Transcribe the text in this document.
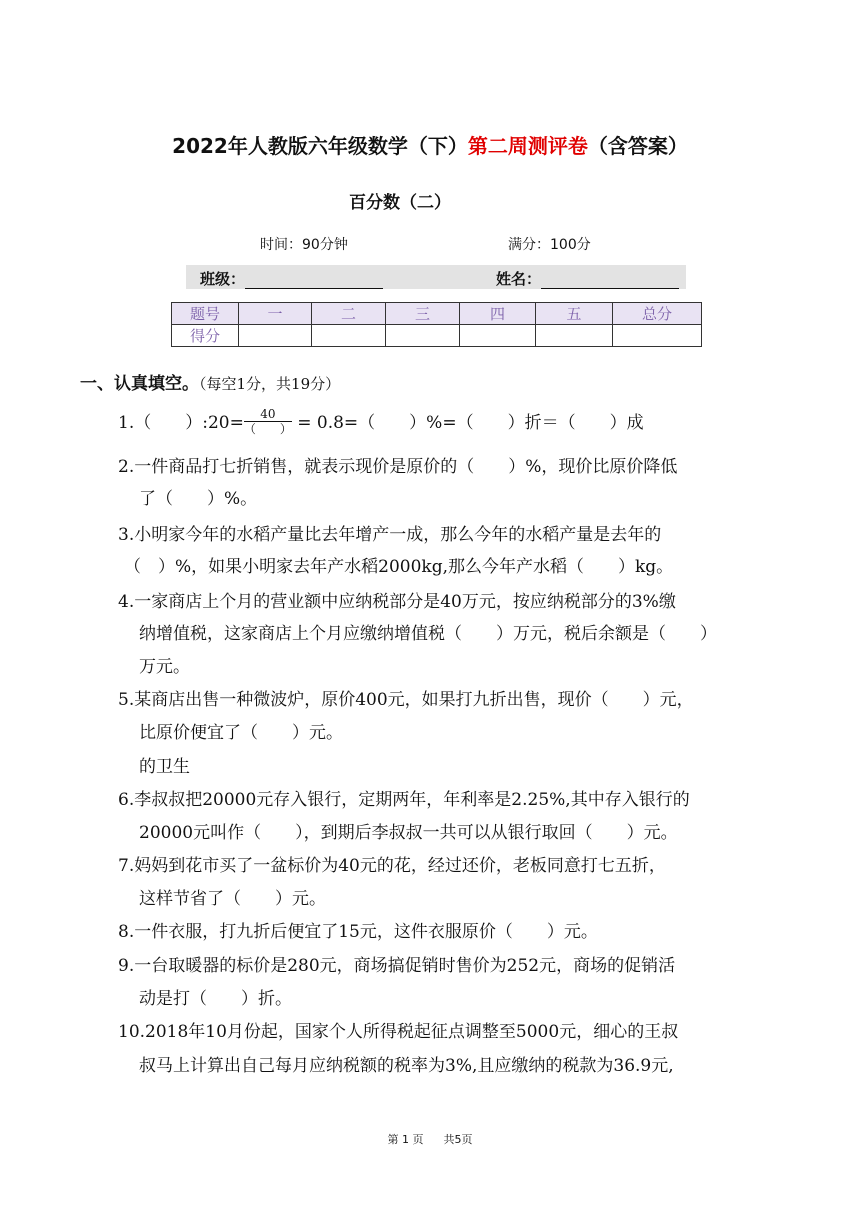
2022年人教版六年级数学（下）第二周测评卷（含答案）
百分数（二）
时间：90分钟	满分：100分
班级：	姓名：
题号	一	二	三	四	五	总分
得分						
一、认真填空。（每空1分，共19分）
1.（　　）:20= $\frac{40}{( )} = 0.8=$（　　）%=（　　）折＝（　　）成
2.一件商品打七折销售，就表示现价是原价的（　　）%，现价比原价降低
了（　　）%。
3.小明家今年的水稻产量比去年增产一成，那么今年的水稻产量是去年的
（　）%，如果小明家去年产水稻2000kg,那么今年产水稻（　　）kg。
4.一家商店上个月的营业额中应纳税部分是40万元，按应纳税部分的3%缴
纳增值税，这家商店上个月应缴纳增值税（　　）万元，税后余额是（　　）
万元。
5.某商店出售一种微波炉，原价400元，如果打九折出售，现价（　　）元，
比原价便宜了（　　）元。
的卫生
6.李叔叔把20000元存入银行，定期两年，年利率是2.25%,其中存入银行的
20000元叫作（　　），到期后李叔叔一共可以从银行取回（　　）元。
7.妈妈到花市买了一盆标价为40元的花，经过还价，老板同意打七五折，
这样节省了（　　）元。
8.一件衣服，打九折后便宜了15元，这件衣服原价（　　）元。
9.一台取暖器的标价是280元，商场搞促销时售价为252元，商场的促销活
动是打（　　）折。
10.2018年10月份起，国家个人所得税起征点调整至5000元，细心的王叔
叔马上计算出自己每月应纳税额的税率为3%,且应缴纳的税款为36.9元,
第 1 页 共5页
